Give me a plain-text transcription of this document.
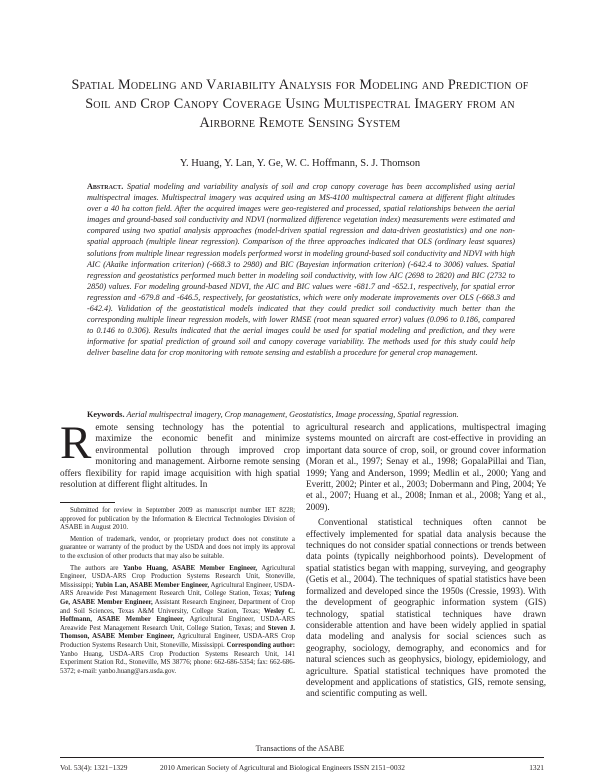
Spatial Modeling and Variability Analysis for Modeling and Prediction of Soil and Crop Canopy Coverage Using Multispectral Imagery from an Airborne Remote Sensing System
Y. Huang, Y. Lan, Y. Ge, W. C. Hoffmann, S. J. Thomson
Abstract. Spatial modeling and variability analysis of soil and crop canopy coverage has been accomplished using aerial multispectral images. Multispectral imagery was acquired using an MS-4100 multispectral camera at different flight altitudes over a 40 ha cotton field. After the acquired images were geo-registered and processed, spatial relationships between the aerial images and ground-based soil conductivity and NDVI (normalized difference vegetation index) measurements were estimated and compared using two spatial analysis approaches (model-driven spatial regression and data-driven geostatistics) and one non-spatial approach (multiple linear regression). Comparison of the three approaches indicated that OLS (ordinary least squares) solutions from multiple linear regression models performed worst in modeling ground-based soil conductivity and NDVI with high AIC (Akaike information criterion) (-668.3 to 2980) and BIC (Bayesian information criterion) (-642.4 to 3006) values. Spatial regression and geostatistics performed much better in modeling soil conductivity, with low AIC (2698 to 2820) and BIC (2732 to 2850) values. For modeling ground-based NDVI, the AIC and BIC values were -681.7 and -652.1, respectively, for spatial error regression and -679.8 and -646.5, respectively, for geostatistics, which were only moderate improvements over OLS (-668.3 and -642.4). Validation of the geostatistical models indicated that they could predict soil conductivity much better than the corresponding multiple linear regression models, with lower RMSE (root mean squared error) values (0.096 to 0.186, compared to 0.146 to 0.306). Results indicated that the aerial images could be used for spatial modeling and prediction, and they were informative for spatial prediction of ground soil and canopy coverage variability. The methods used for this study could help deliver baseline data for crop monitoring with remote sensing and establish a procedure for general crop management.
Keywords. Aerial multispectral imagery, Crop management, Geostatistics, Image processing, Spatial regression.

Remote sensing technology has the potential to maximize the economic benefit and minimize environmental pollution through improved crop monitoring and management. Airborne remote sensing offers flexibility for rapid image acquisition with high spatial resolution at different flight altitudes. In

Submitted for review in September 2009 as manuscript number IET 8228; approved for publication by the Information & Electrical Technologies Division of ASABE in August 2010.

Mention of trademark, vendor, or proprietary product does not constitute a guarantee or warranty of the product by the USDA and does not imply its approval to the exclusion of other products that may also be suitable.

The authors are Yanbo Huang, ASABE Member Engineer, Agricultural Engineer, USDA-ARS Crop Production Systems Research Unit, Stoneville, Mississippi; Yubin Lan, ASABE Member Engineer, Agricultural Engineer, USDA-ARS Areawide Pest Management Research Unit, College Station, Texas; Yufeng Ge, ASABE Member Engineer, Assistant Research Engineer, Department of Crop and Soil Sciences, Texas A&M University, College Station, Texas; Wesley C. Hoffmann, ASABE Member Engineer, Agricultural Engineer, USDA-ARS Areawide Pest Management Research Unit, College Station, Texas; and Steven J. Thomson, ASABE Member Engineer, Agricultural Engineer, USDA-ARS Crop Production Systems Research Unit, Stoneville, Mississippi. Corresponding author: Yanbo Huang, USDA-ARS Crop Production Systems Research Unit, 141 Experiment Station Rd., Stoneville, MS 38776; phone: 662-686-5354; fax: 662-686-5372; e-mail: yanbo.huang@ars.usda.gov.

agricultural research and applications, multispectral imaging systems mounted on aircraft are cost-effective in providing an important data source of crop, soil, or ground cover information (Moran et al., 1997; Senay et al., 1998; GopalaPillai and Tian, 1999; Yang and Anderson, 1999; Medlin et al., 2000; Yang and Everitt, 2002; Pinter et al., 2003; Dobermann and Ping, 2004; Ye et al., 2007; Huang et al., 2008; Inman et al., 2008; Yang et al., 2009).

Conventional statistical techniques often cannot be effectively implemented for spatial data analysis because the techniques do not consider spatial connections or trends between data points (typically neighborhood points). Development of spatial statistics began with mapping, surveying, and geography (Getis et al., 2004). The techniques of spatial statistics have been formalized and developed since the 1950s (Cressie, 1993). With the development of geographic information system (GIS) technology, spatial statistical techniques have drawn considerable attention and have been widely applied in spatial data modeling and analysis for social sciences such as geography, sociology, demography, and economics and for natural sciences such as geophysics, biology, epidemiology, and agriculture. Spatial statistical techniques have promoted the development and applications of statistics, GIS, remote sensing, and scientific computing as well.

Transactions of the ASABE
Vol. 53(4): 1321−1329	2010 American Society of Agricultural and Biological Engineers ISSN 2151−0032	1321
